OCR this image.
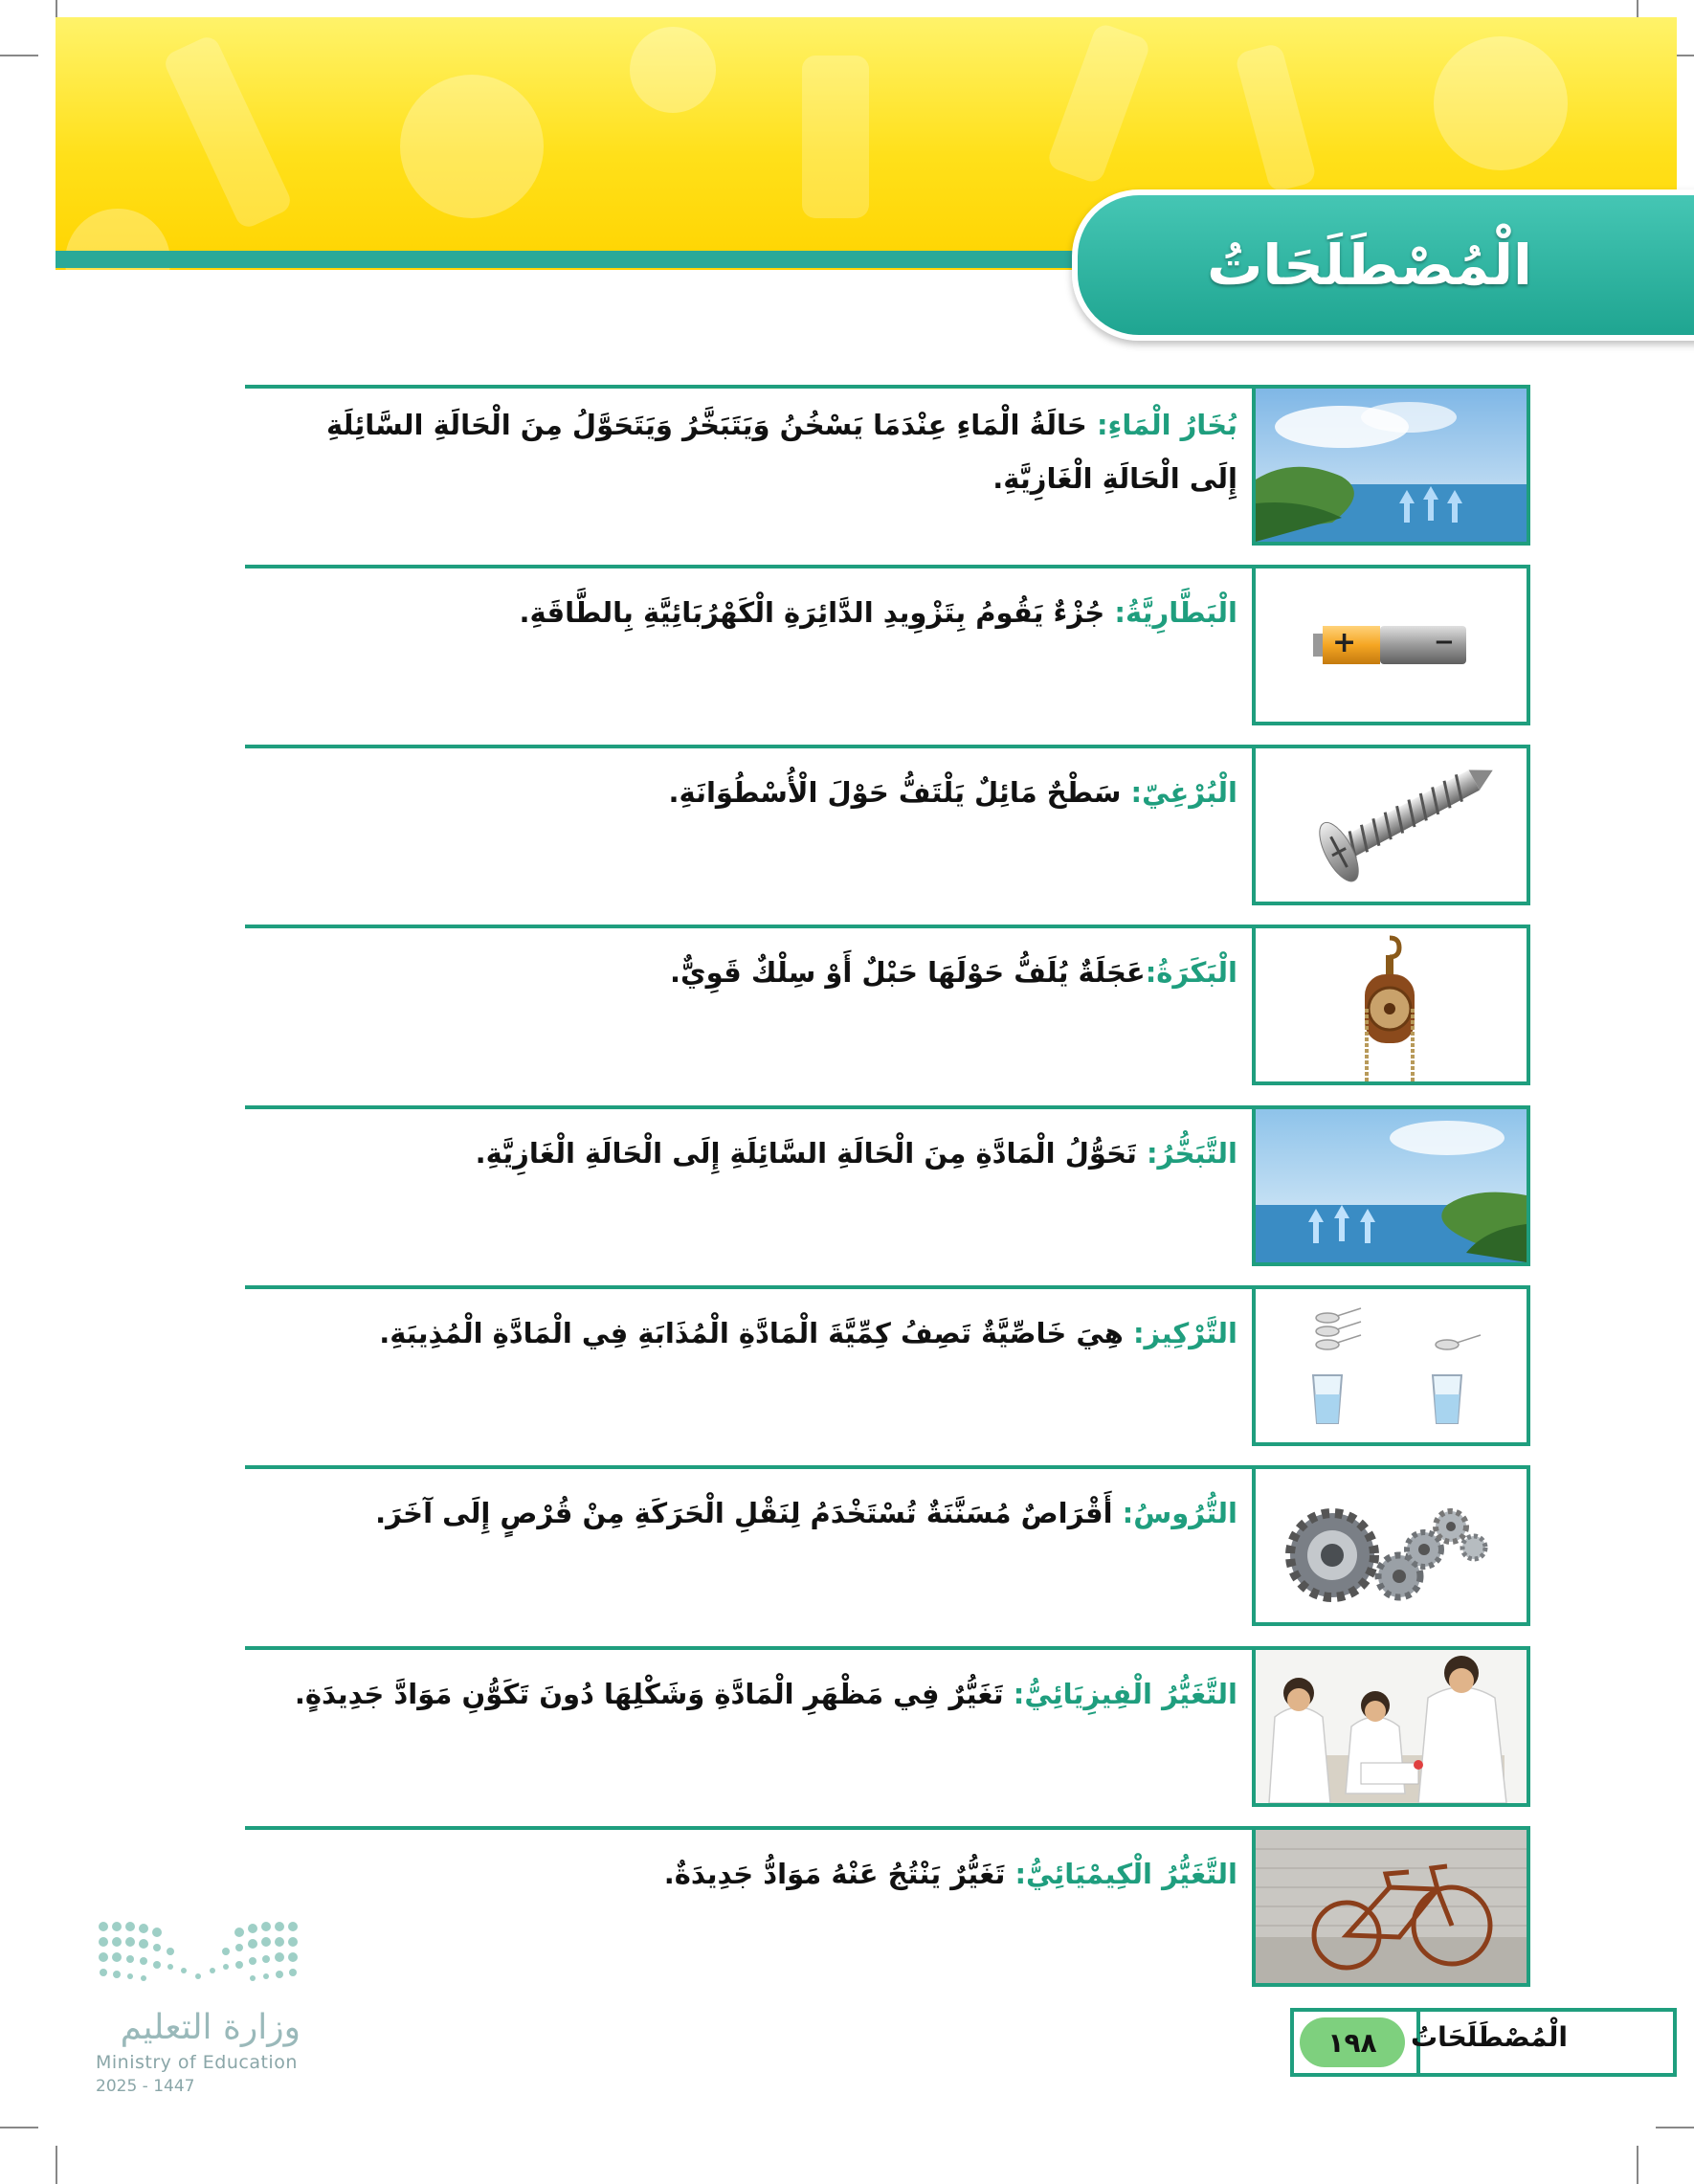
الْمُصْطَلَحَاتُ
بُخَارُ الْمَاءِ: حَالَةُ الْمَاءِ عِنْدَمَا يَسْخُنُ وَيَتَبَخَّرُ وَيَتَحَوَّلُ مِنَ الْحَالَةِ السَّائِلَةِ إِلَى الْحَالَةِ الْغَازِيَّةِ.
الْبَطَّارِيَّةُ: جُزْءٌ يَقُومُ بِتَزْوِيدِ الدَّائِرَةِ الْكَهْرُبَائِيَّةِ بِالطَّاقَةِ.
+	−
الْبُرْغِيّ: سَطْحٌ مَائِلٌ يَلْتَفُّ حَوْلَ الْأُسْطُوَانَةِ.
الْبَكَرَةُ:عَجَلَةٌ يُلَفُّ حَوْلَهَا حَبْلٌ أَوْ سِلْكٌ قَوِيٌّ.
التَّبَخُّرُ: تَحَوُّلُ الْمَادَّةِ مِنَ الْحَالَةِ السَّائِلَةِ إِلَى الْحَالَةِ الْغَازِيَّةِ.
التَّرْكِيز: هِيَ خَاصِّيَّةٌ تَصِفُ كِمِّيَّةَ الْمَادَّةِ الْمُذَابَةِ فِي الْمَادَّةِ الْمُذِيبَةِ.
التُّرُوسُ: أَقْرَاصٌ مُسَنَّنَةٌ تُسْتَخْدَمُ لِنَقْلِ الْحَرَكَةِ مِنْ قُرْصٍ إِلَى آخَرَ.
التَّغَيُّرُ الْفِيزِيَائِيُّ: تَغَيُّرٌ فِي مَظْهَرِ الْمَادَّةِ وَشَكْلِهَا دُونَ تَكَوُّنِ مَوَادَّ جَدِيدَةٍ.
التَّغَيُّرُ الْكِيمْيَائِيُّ: تَغَيُّرٌ يَنْتُجُ عَنْهُ مَوَادُّ جَدِيدَةٌ.
١٩٨	الْمُصْطَلَحَاتُ
وزارة التعليم
Ministry of Education
2025 - 1447
